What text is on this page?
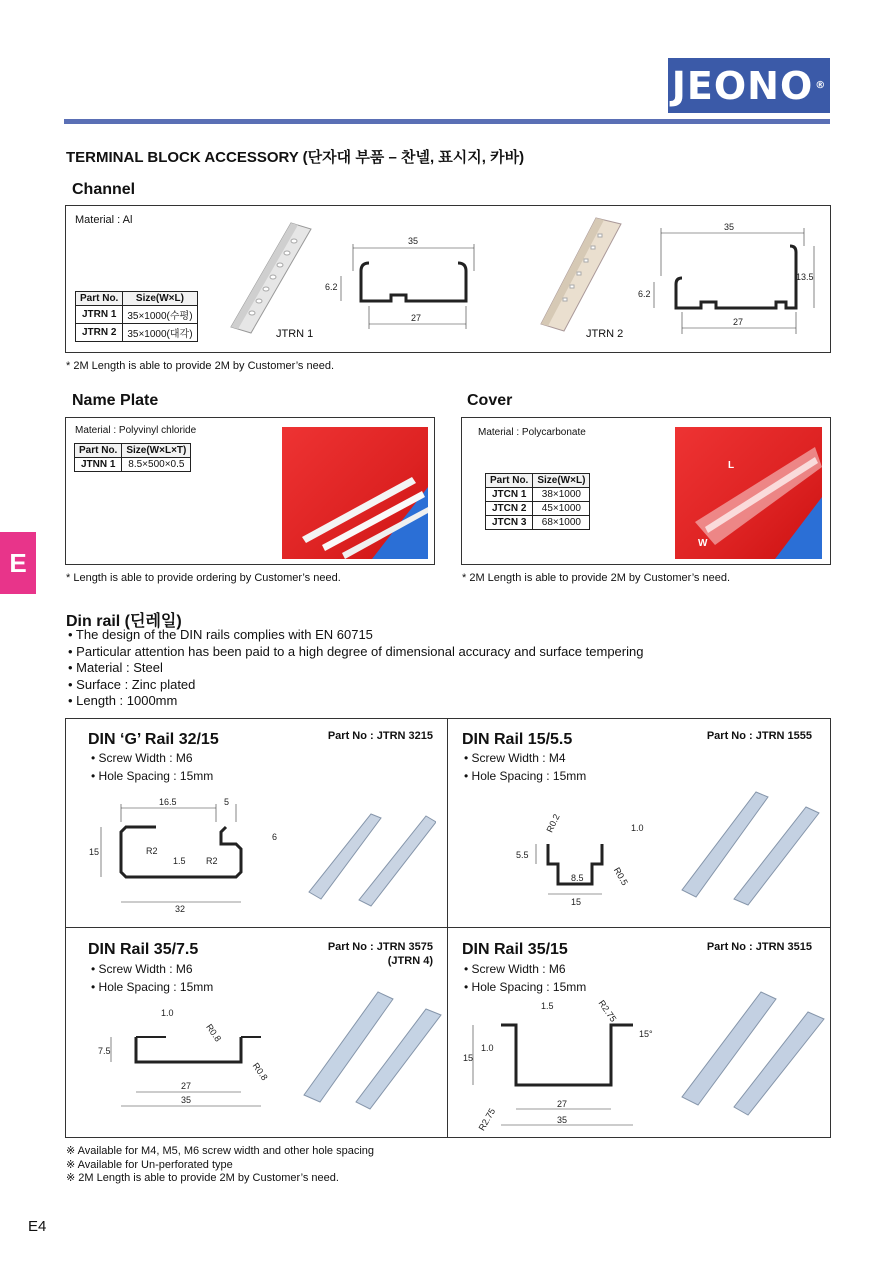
JEONO ®
TERMINAL BLOCK ACCESSORY (단자대 부품 – 찬넬, 표시지, 카바)
Channel
Material : Al
Part No.	Size(W×L)
JTRN 1	35×1000(수평)
JTRN 2	35×1000(대각)	JTRN 1
35
6.2
27
JTRN 2
35
6.2
13.5
27
* 2M Length is able to provide 2M by Customer’s need.
Name Plate
Material : Polyvinyl chloride
Part No.	Size(W×L×T)
JTNN 1	8.5×500×0.5
* Length is able to provide ordering by Customer’s need.
Cover
Material : Polycarbonate
Part No.	Size(W×L)
JTCN 1	38×1000
JTCN 2	45×1000
JTCN 3	68×1000
L
W
* 2M Length is able to provide 2M by Customer’s need.
E
Din rail (딘레일)
• The design of the DIN rails complies with EN 60715
• Particular attention has been paid to a high degree of dimensional accuracy and surface tempering
• Material : Steel
• Surface : Zinc plated
• Length : 1000mm
DIN ‘G’ Rail 32/15	Part No : JTRN 3215
• Screw Width : M6
• Hole Spacing : 15mm
16.5	5
6
15	R2
1.5 R2
32
DIN Rail 15/5.5	Part No : JTRN 1555
• Screw Width : M4
• Hole Spacing : 15mm
R0.2	1.0
5.5
8.5	R0.5
15
DIN Rail 35/7.5	Part No : JTRN 3575
(JTRN 4)
• Screw Width : M6
• Hole Spacing : 15mm
1.0
R0.8
7.5
R0.8
27
35
DIN Rail 35/15	Part No : JTRN 3515
• Screw Width : M6
• Hole Spacing : 15mm
1.5	R2.75
15°
1.0
15
27
35
R2.75
※ Available for M4, M5, M6 screw width and other hole spacing
※ Available for Un-perforated type
※ 2M Length is able to provide 2M by Customer’s need.
E4
